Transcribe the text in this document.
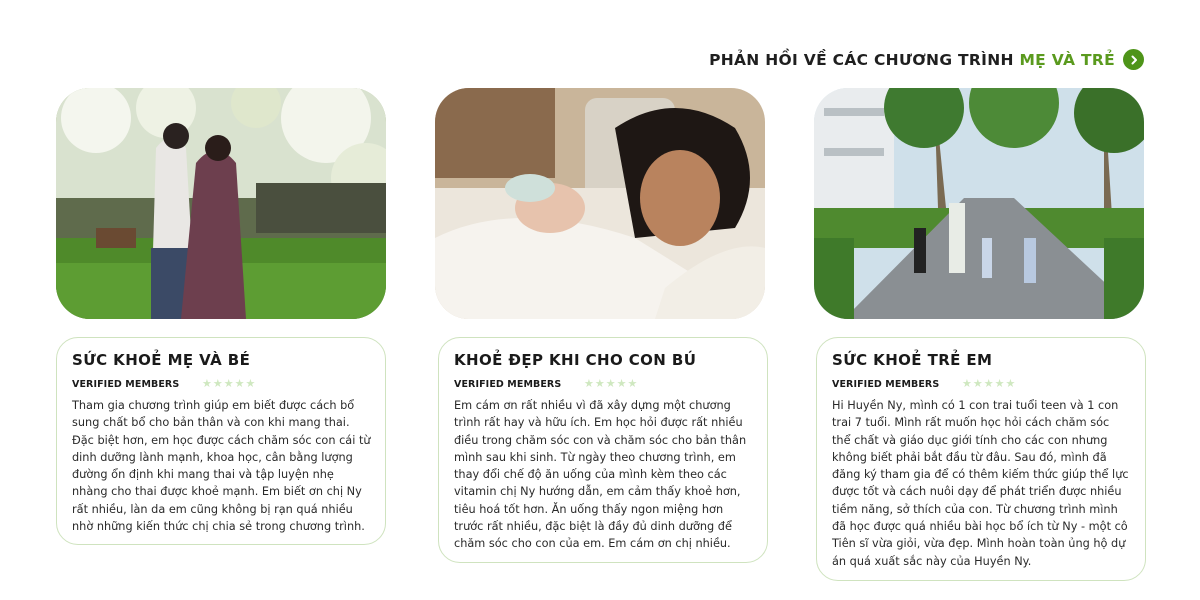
PHẢN HỒI VỀ CÁC CHƯƠNG TRÌNH MẸ VÀ TRẺ
SỨC KHOẺ MẸ VÀ BÉ
VERIFIED MEMBERS	★ ★ ★ ★ ★
Tham gia chương trình giúp em biết được cách bổ sung chất bổ cho bản thân và con khi mang thai. Đặc biệt hơn, em học được cách chăm sóc con cái từ dinh dưỡng lành mạnh, khoa học, cân bằng lượng đường ổn định khi mang thai và tập luyện nhẹ nhàng cho thai được khoẻ mạnh. Em biết ơn chị Ny rất nhiều, làn da em cũng không bị rạn quá nhiều nhờ những kiến thức chị chia sẻ trong chương trình.
KHOẺ ĐẸP KHI CHO CON BÚ
VERIFIED MEMBERS	★ ★ ★ ★ ★
Em cám ơn rất nhiều vì đã xây dựng một chương trình rất hay và hữu ích. Em học hỏi được rất nhiều điều trong chăm sóc con và chăm sóc cho bản thân mình sau khi sinh. Từ ngày theo chương trình, em thay đổi chế độ ăn uống của mình kèm theo các vitamin chị Ny hướng dẫn, em cảm thấy khoẻ hơn, tiêu hoá tốt hơn. Ăn uống thấy ngon miệng hơn trước rất nhiều, đặc biệt là đầy đủ dinh dưỡng để chăm sóc cho con của em. Em cám ơn chị nhiều.
SỨC KHOẺ TRẺ EM
VERIFIED MEMBERS	★ ★ ★ ★ ★
Hi Huyền Ny, mình có 1 con trai tuổi teen và 1 con trai 7 tuổi. Mình rất muốn học hỏi cách chăm sóc thể chất và giáo dục giới tính cho các con nhưng không biết phải bắt đầu từ đâu. Sau đó, mình đã đăng ký tham gia để có thêm kiếm thức giúp thể lực được tốt và cách nuôi dạy để phát triển được nhiều tiềm năng, sở thích của con. Từ chương trình mình đã học được quá nhiều bài học bổ ích từ Ny - một cô Tiên sĩ vừa giỏi, vừa đẹp. Mình hoàn toàn ủng hộ dự án quá xuất sắc này của Huyền Ny.
